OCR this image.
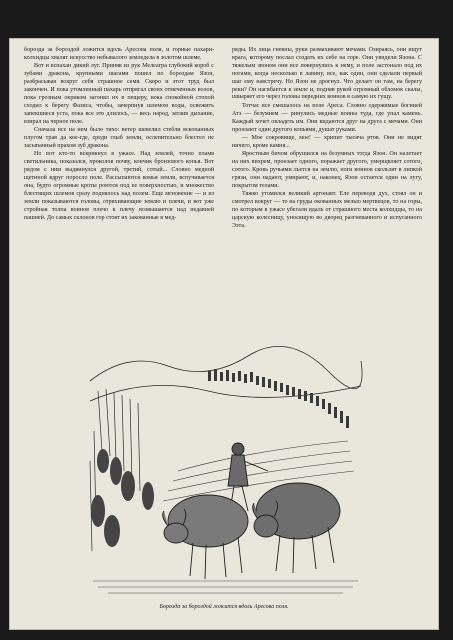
борозда за бороздой ложится вдоль Аресова поля, и горные пахари-колхидцы хвалят искусство небывалого земледела в золотом шлеме.

Вот и вспахан дикий луг. Приняв из рук Мелеагра глубокий короб с зубами дракона, крупными шагами пошел по бороздам Язон, разбрасывая вокруг себя страшное семя. Скоро и этот труд был закончен. И пока утомленный пахарь отпрягал своих отмеченных волов, пока грозным окриком загонял их в пещеру, вока спокойной стопой сходил к берегу Фазиса, чтобы, зачерпнув шлемом воды, освежить запекшиеся уста, пока все это длилось, — весь народ, затаив дыхание, взирал на черное поле.

Сначала все на нем было тихо: ветер шевелил стебли вскопанных плугом трав да кое-где, среди глыб земли, ослепительно блестел не засыпанный прахом зуб дракона.

Но вот кто-то вскрикнул в ужасе. Над землей, точно пламя светильника, показался, проколов почву, кончик бронзового копья. Вот рядом с ним выдвинулся другой, третий, сотый... Словно медной щетиной вдруг поросло поле. Рассыпаются комья земли, вспучивается она, будто огромные кроты роются под ее поверхностью, и множество блестящих шлемов сразу поднялось над полем. Еще мгновение — и из земли показываются головы, отряхивающие землю и плечи, и вот уже стройная толпа воинов плечо к плечу возвышается над недавней пашней. До самых склонов гор стоят их закованные в мед-

ряды. Их лица гневны, руки размахивают мечами. Озираясь, они ищут врага, которому послал создать их себе на горе. Они увидели Язона. С тяжелым звоном они все повернулись к нему, и поле застонало под их ногами, когда несколько в лавину, все, как один, они сделали первый шаг ему навстречу. Но Язон не дрогнул. Что делает он там, на берегу реки? Он нагибается к земле и, подняв рукой огромный обломок скалы, швыряет его через головы передних воинов в самую их гущу.

Тотчас все смешалось на поле Ареса. Словно одержимые богиней Атэ — безумием — ринулись медные воины туда, где упал камень. Каждый хочет овладеть им. Они кидаются друг на друга с мечами. Они пронзают один другого копьями, душат руками.

— Мое сокровище, мое! — хрипит тысяча ртов. Они не видят ничего, кроме камня...

Яростным бичом обрушился на безумных тогда Язон. Он налетает на них вихрем, пронзает одного, поражает другого, умерщвляет сотого, сотого. Кровь ручьями льется на землю, ноги воинов скользят в липкой грязи, они падают, умирают, и, наконец, Язон остается один на лугу, покрытом телами.

Тяжко утомился великий аргонавт. Еле переводя дух, стоял он и смотрел вокруг — то на груды окованных мелью мертвецов, то на горы, по которым в ужасе убегали вдаль от страшного места колхидцы, то на царскую колесницу, уносящую во дворец разгневанного и испуганного Ээта.

Борозда за бороздой ложится вдоль Аресова поля.
